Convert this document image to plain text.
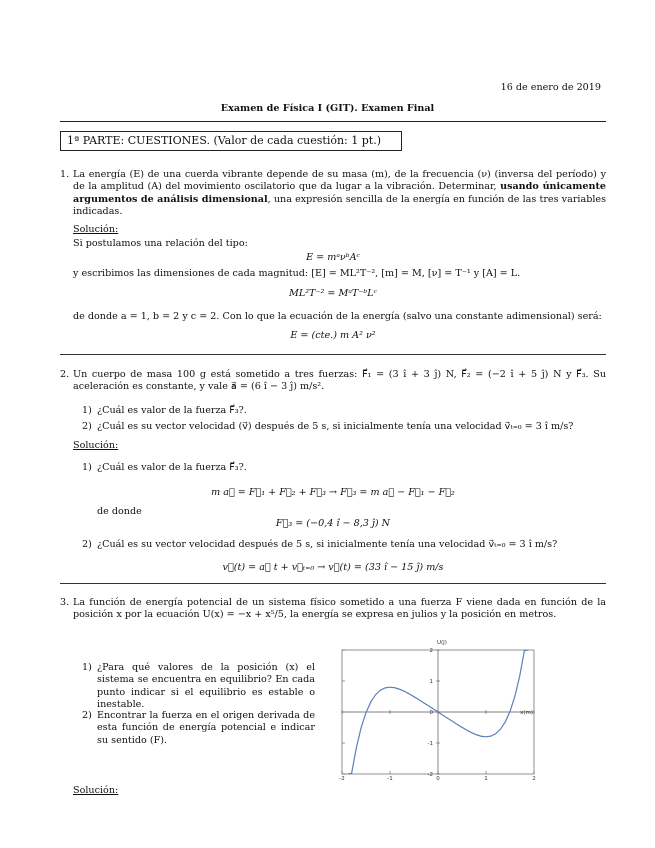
16 de enero de 2019
Examen de Física I (GIT). Examen Final
1ª PARTE: CUESTIONES. (Valor de cada cuestión: 1 pt.)
1. La energía (E) de una cuerda vibrante depende de su masa (m), de la frecuencia (ν) (inversa del período) y de la amplitud (A) del movimiento oscilatorio que da lugar a la vibración. Determinar, usando únicamente argumentos de análisis dimensional, una expresión sencilla de la energía en función de las tres variables indicadas.
Solución:
Si postulamos una relación del tipo:
E = mᵃνᵇAᶜ
y escribimos las dimensiones de cada magnitud: [E] = ML²T⁻², [m] = M, [ν] = T⁻¹ y [A] = L.
ML²T⁻² = MᵃT⁻ᵇLᶜ
de donde a = 1, b = 2 y c = 2. Con lo que la ecuación de la energía (salvo una constante adimensional) será:
E = (cte.) m A² ν²
2. Un cuerpo de masa 100 g está sometido a tres fuerzas: F⃗₁ = (3 î + 3 ĵ) N, F⃗₂ = (−2 î + 5 ĵ) N y F⃗₃. Su aceleración es constante, y vale a⃗ = (6 î − 3 ĵ) m/s².
1) ¿Cuál es valor de la fuerza F⃗₃?.
2) ¿Cuál es su vector velocidad (v⃗) después de 5 s, si inicialmente tenía una velocidad v⃗ₜ₌₀ = 3 î m/s?
Solución:
1) ¿Cuál es valor de la fuerza F⃗₃?.
m a⃗ = F⃗₁ + F⃗₂ + F⃗₃ → F⃗₃ = m a⃗ − F⃗₁ − F⃗₂
de donde
F⃗₃ = (−0,4 î − 8,3 ĵ) N
2) ¿Cuál es su vector velocidad después de 5 s, si inicialmente tenía una velocidad v⃗ₜ₌₀ = 3 î m/s?
v⃗(t) = a⃗ t + v⃗ₜ₌₀ → v⃗(t) = (33 î − 15 ĵ) m/s
3. La función de energía potencial de un sistema físico sometido a una fuerza F viene dada en función de la posición x por la ecuación U(x) = −x + x⁵/5, la energía se expresa en julios y la posición en metros.
1) ¿Para qué valores de la posición (x) el sistema se encuentra en equilibrio? En cada punto indicar si el equilibrio es estable o inestable.
2) Encontrar la fuerza en el origen derivada de esta función de energía potencial e indicar su sentido (F).
-2	-1	0	1	2
-2
-1
0
1
2
x(m)
U(J)
Solución:
